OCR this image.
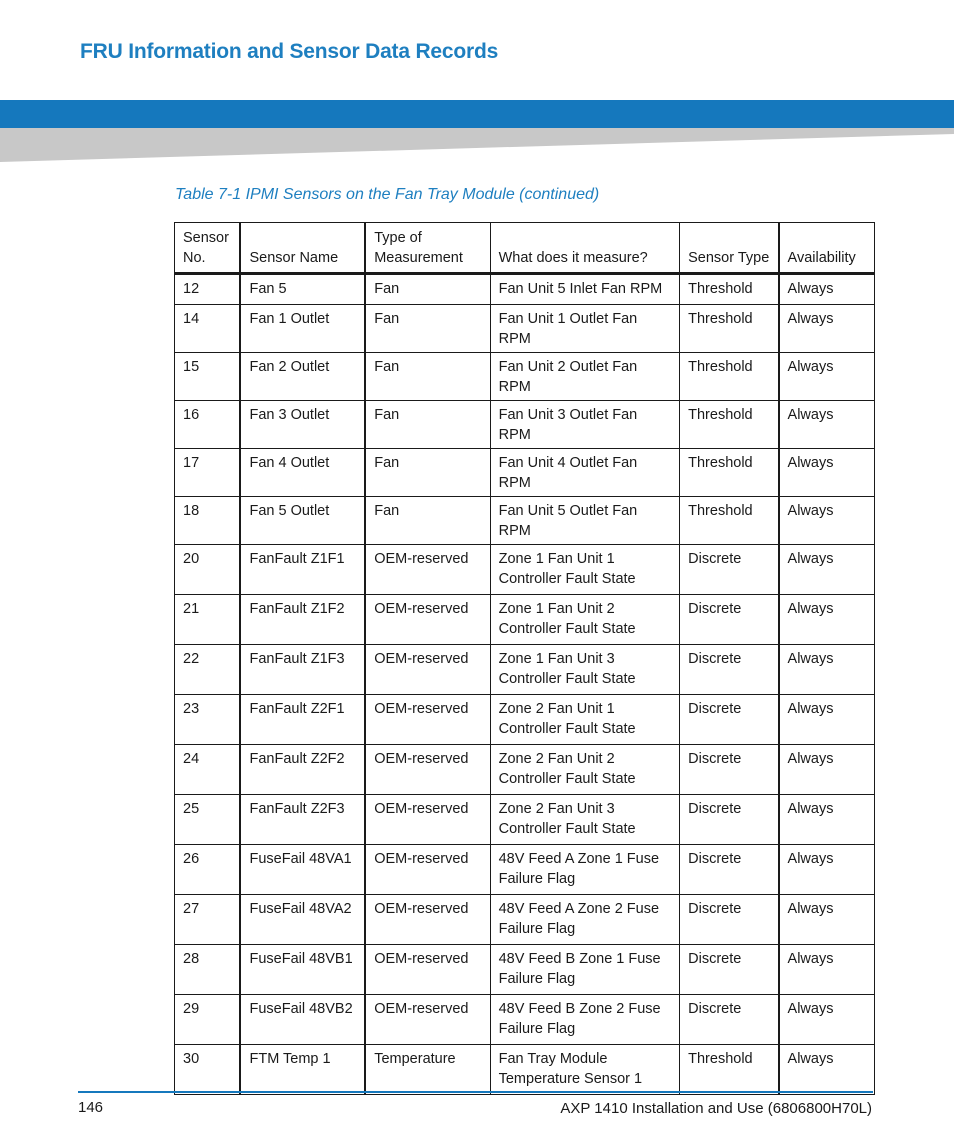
FRU Information and Sensor Data Records
Table 7-1 IPMI Sensors on the Fan Tray Module (continued)
Sensor No.	Sensor Name	Type of Measurement	What does it measure?	Sensor Type	Availability
12	Fan 5	Fan	Fan Unit 5 Inlet Fan RPM	Threshold	Always
14	Fan 1 Outlet	Fan	Fan Unit 1 Outlet Fan RPM	Threshold	Always
15	Fan 2 Outlet	Fan	Fan Unit 2 Outlet Fan RPM	Threshold	Always
16	Fan 3 Outlet	Fan	Fan Unit 3 Outlet Fan RPM	Threshold	Always
17	Fan 4 Outlet	Fan	Fan Unit 4 Outlet Fan RPM	Threshold	Always
18	Fan 5 Outlet	Fan	Fan Unit 5 Outlet Fan RPM	Threshold	Always
20	FanFault Z1F1	OEM-reserved	Zone 1 Fan Unit 1 Controller Fault State	Discrete	Always
21	FanFault Z1F2	OEM-reserved	Zone 1 Fan Unit 2 Controller Fault State	Discrete	Always
22	FanFault Z1F3	OEM-reserved	Zone 1 Fan Unit 3 Controller Fault State	Discrete	Always
23	FanFault Z2F1	OEM-reserved	Zone 2 Fan Unit 1 Controller Fault State	Discrete	Always
24	FanFault Z2F2	OEM-reserved	Zone 2 Fan Unit 2 Controller Fault State	Discrete	Always
25	FanFault Z2F3	OEM-reserved	Zone 2 Fan Unit 3 Controller Fault State	Discrete	Always
26	FuseFail 48VA1	OEM-reserved	48V Feed A Zone 1 Fuse Failure Flag	Discrete	Always
27	FuseFail 48VA2	OEM-reserved	48V Feed A Zone 2 Fuse Failure Flag	Discrete	Always
28	FuseFail 48VB1	OEM-reserved	48V Feed B Zone 1 Fuse Failure Flag	Discrete	Always
29	FuseFail 48VB2	OEM-reserved	48V Feed B Zone 2 Fuse Failure Flag	Discrete	Always
30	FTM Temp 1	Temperature	Fan Tray Module Temperature Sensor 1	Threshold	Always
146	AXP 1410 Installation and Use (6806800H70L)
